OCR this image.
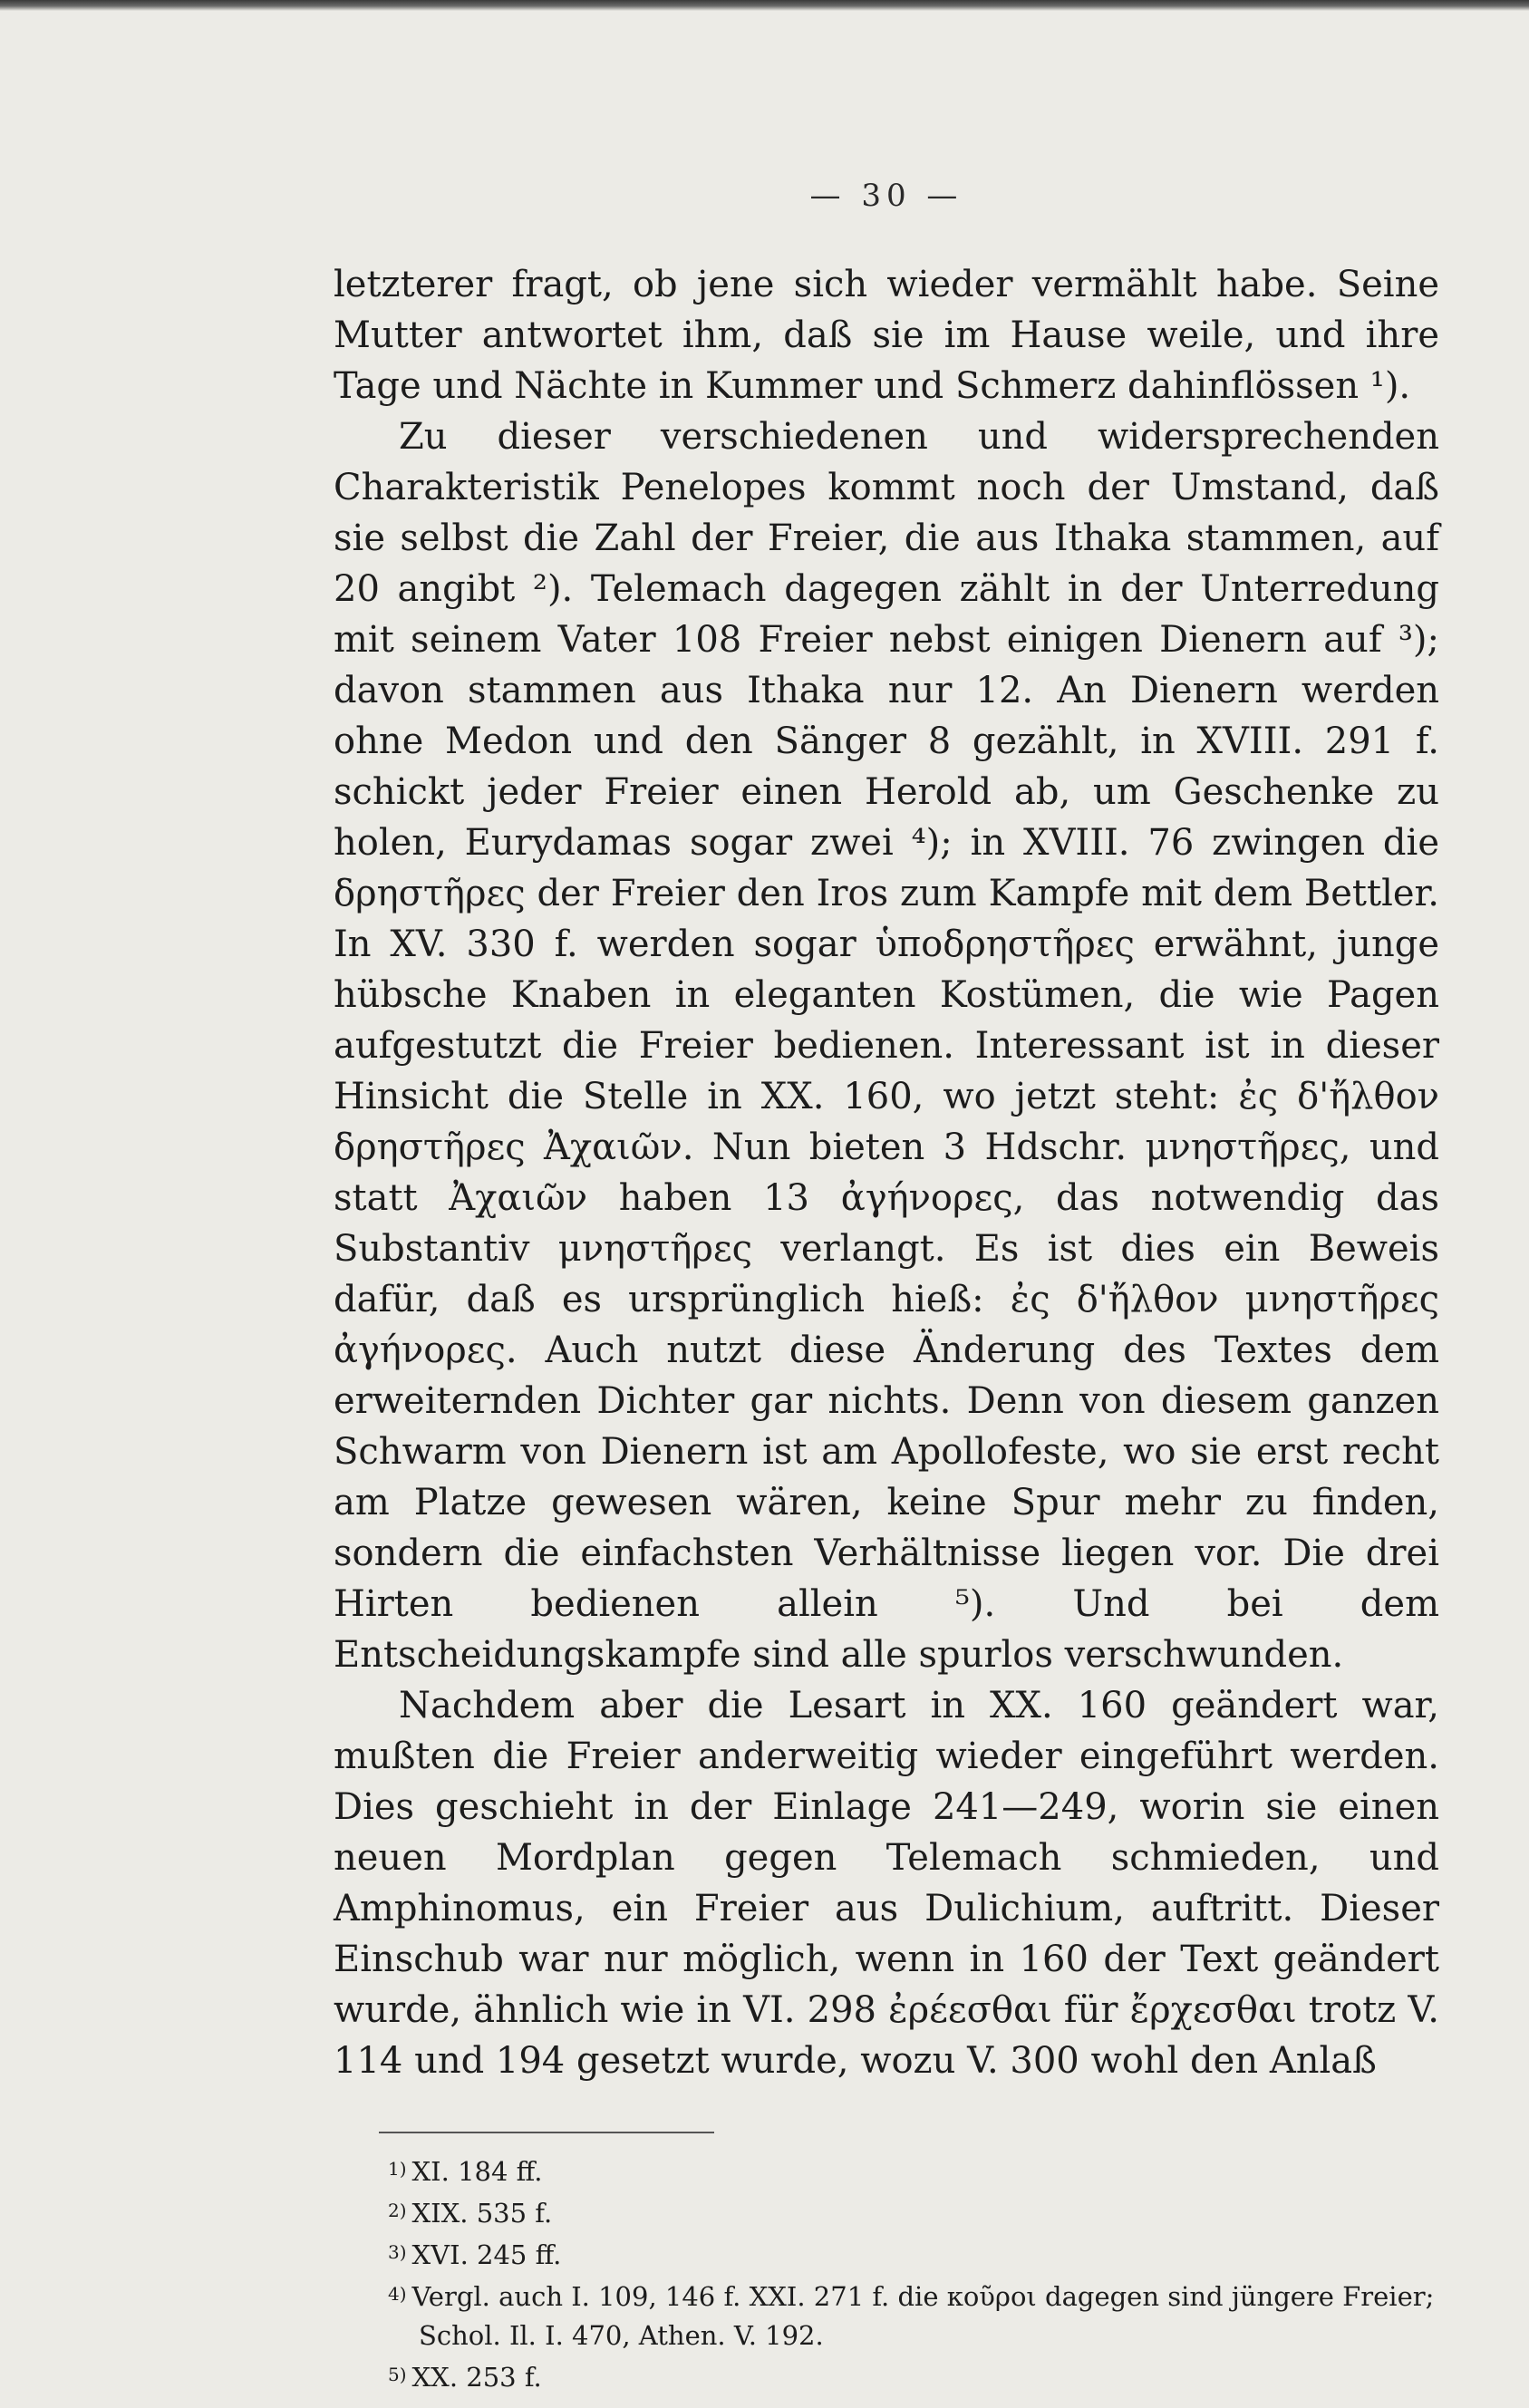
— 30 —

letzterer fragt, ob jene sich wieder vermählt habe. Seine Mutter antwortet ihm, daß sie im Hause weile, und ihre Tage und Nächte in Kummer und Schmerz dahinflössen ¹).

Zu dieser verschiedenen und widersprechenden Charakteristik Penelopes kommt noch der Umstand, daß sie selbst die Zahl der Freier, die aus Ithaka stammen, auf 20 angibt ²). Telemach dagegen zählt in der Unterredung mit seinem Vater 108 Freier nebst einigen Dienern auf ³); davon stammen aus Ithaka nur 12. An Dienern werden ohne Medon und den Sänger 8 gezählt, in XVIII. 291 f. schickt jeder Freier einen Herold ab, um Geschenke zu holen, Eurydamas sogar zwei ⁴); in XVIII. 76 zwingen die δρηστῆρες der Freier den Iros zum Kampfe mit dem Bettler. In XV. 330 f. werden sogar ὑποδρηστῆρες erwähnt, junge hübsche Knaben in eleganten Kostümen, die wie Pagen aufgestutzt die Freier bedienen. Interessant ist in dieser Hinsicht die Stelle in XX. 160, wo jetzt steht: ἐς δ'ἤλθον δρηστῆρες Ἀχαιῶν. Nun bieten 3 Hdschr. μνηστῆρες, und statt Ἀχαιῶν haben 13 ἀγήνορες, das notwendig das Substantiv μνηστῆρες verlangt. Es ist dies ein Beweis dafür, daß es ursprünglich hieß: ἐς δ'ἤλθον μνηστῆρες ἀγήνορες. Auch nutzt diese Änderung des Textes dem erweiternden Dichter gar nichts. Denn von diesem ganzen Schwarm von Dienern ist am Apollofeste, wo sie erst recht am Platze gewesen wären, keine Spur mehr zu finden, sondern die einfachsten Verhältnisse liegen vor. Die drei Hirten bedienen allein ⁵). Und bei dem Entscheidungskampfe sind alle spurlos verschwunden.

Nachdem aber die Lesart in XX. 160 geändert war, mußten die Freier anderweitig wieder eingeführt werden. Dies geschieht in der Einlage 241—249, worin sie einen neuen Mordplan gegen Telemach schmieden, und Amphinomus, ein Freier aus Dulichium, auftritt. Dieser Einschub war nur möglich, wenn in 160 der Text geändert wurde, ähnlich wie in VI. 298 ἐρέεσθαι für ἔρχεσθαι trotz V. 114 und 194 gesetzt wurde, wozu V. 300 wohl den Anlaß

$^{1)}$ XI. 184 ff.

$^{2)}$ XIX. 535 f.

$^{3)}$ XVI. 245 ff.

$^{4)}$ Vergl. auch I. 109, 146 f. XXI. 271 f. die κοῦροι dagegen sind jüngere Freier; Schol. Il. I. 470, Athen. V. 192.

$^{5)}$ XX. 253 f.
